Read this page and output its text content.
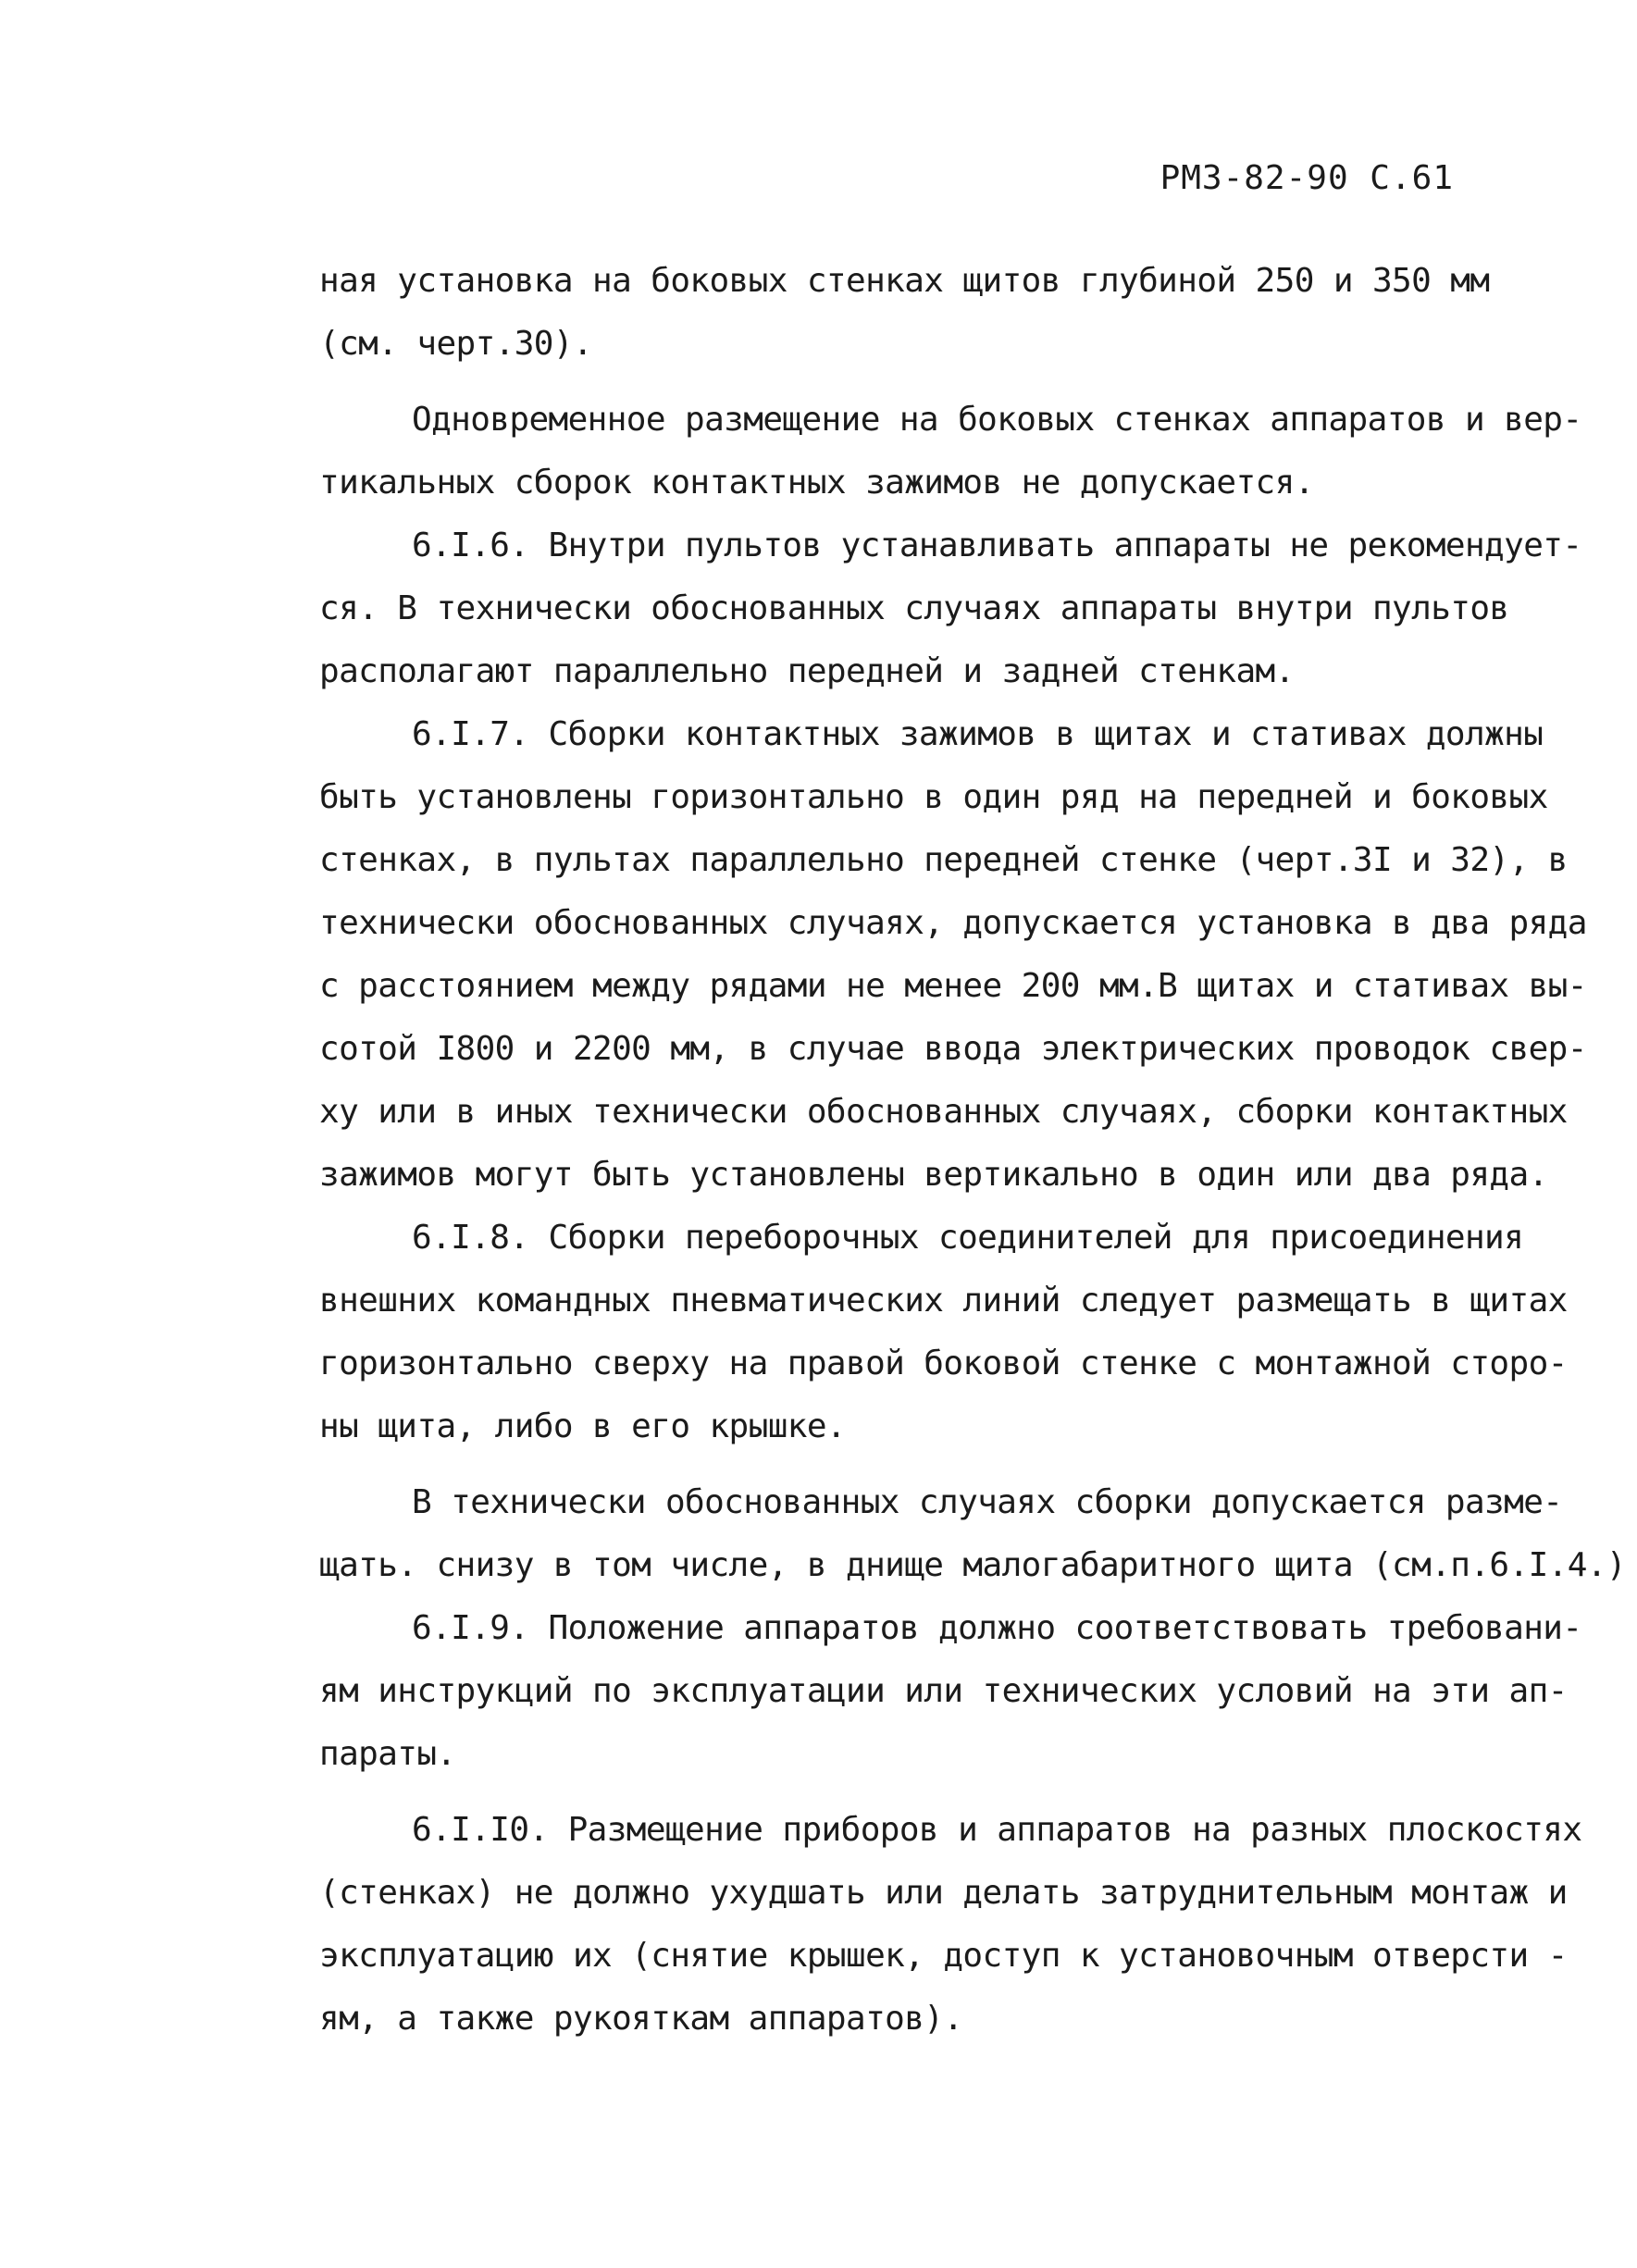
РМ3-82-90 С.61
ная установка на боковых стенках щитов глубиной 250 и 350 мм
(см. черт.30).
Одновременное размещение на боковых стенках аппаратов и вер-
тикальных сборок контактных зажимов не допускается.
6.I.6. Внутри пультов устанавливать аппараты не рекомендует-
ся. В технически обоснованных случаях аппараты внутри пультов
располагают параллельно передней и задней стенкам.
6.I.7. Сборки контактных зажимов в щитах и стативах должны
быть установлены горизонтально в один ряд на передней и боковых
стенках, в пультах параллельно передней стенке (черт.3I и 32), в
технически обоснованных случаях, допускается установка в два ряда
с расстоянием между рядами не менее 200 мм.В щитах и стативах вы-
сотой I800 и 2200 мм, в случае ввода электрических проводок свер-
ху или в иных технически обоснованных случаях, сборки контактных
зажимов могут быть установлены вертикально в один или два ряда.
6.I.8. Сборки переборочных соединителей для присоединения
внешних командных пневматических линий следует размещать в щитах
горизонтально сверху на правой боковой стенке с монтажной сторо-
ны щита, либо в его крышке.
В технически обоснованных случаях сборки допускается разме-
щать. снизу в том числе, в днище малогабаритного щита (см.п.6.I.4.)
6.I.9. Положение аппаратов должно соответствовать требовани-
ям инструкций по эксплуатации или технических условий на эти ап-
параты.
6.I.I0. Размещение приборов и аппаратов на разных плоскостях
(стенках) не должно ухудшать или делать затруднительным монтаж и
эксплуатацию их (снятие крышек, доступ к установочным отверсти -
ям, а также рукояткам аппаратов).
